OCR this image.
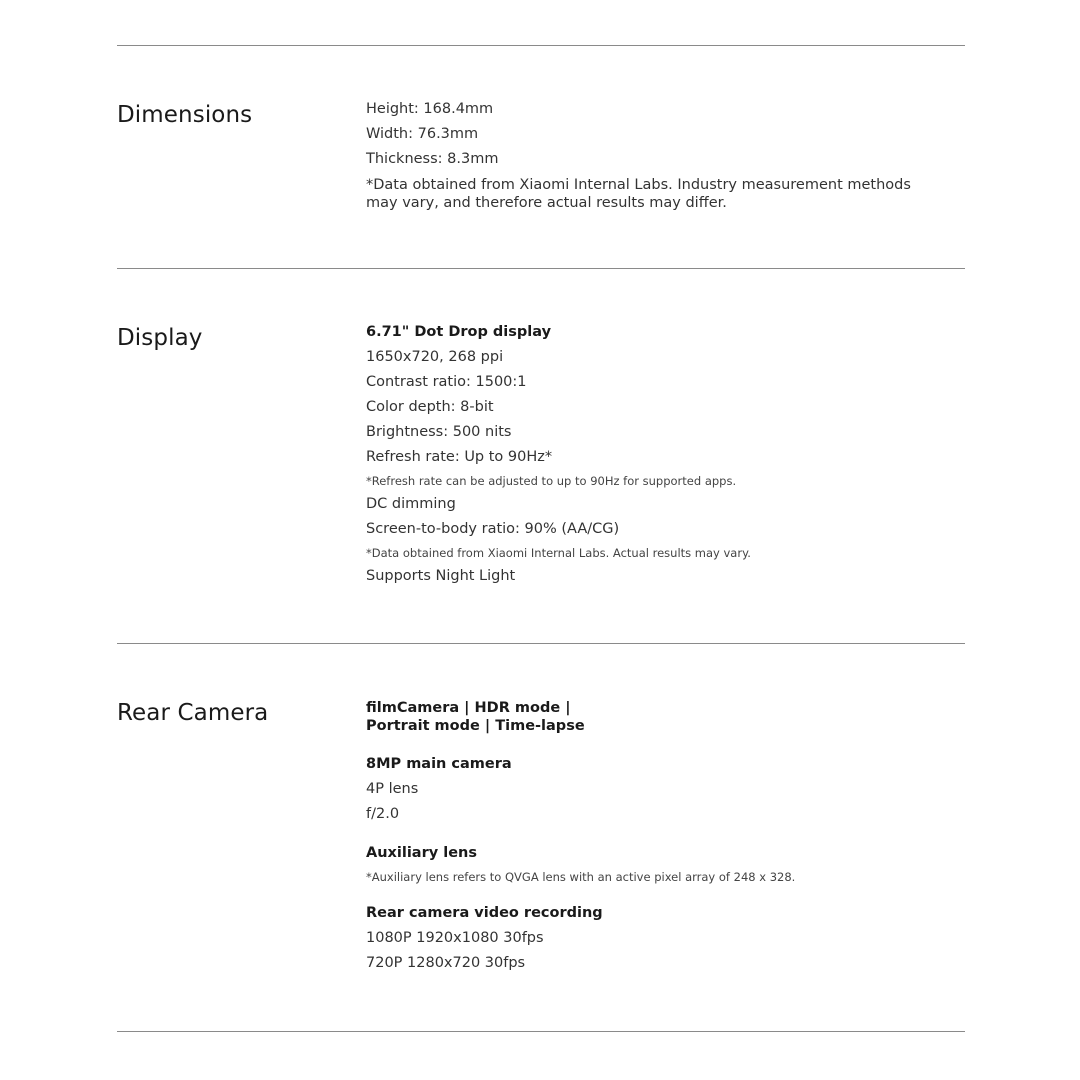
Dimensions	Height: 168.4mm
Width: 76.3mm
Thickness: 8.3mm
*Data obtained from Xiaomi Internal Labs. Industry measurement methods may vary, and therefore actual results may differ.
Display	6.71" Dot Drop display
1650x720, 268 ppi
Contrast ratio: 1500:1
Color depth: 8-bit
Brightness: 500 nits
Refresh rate: Up to 90Hz*
*Refresh rate can be adjusted to up to 90Hz for supported apps.
DC dimming
Screen-to-body ratio: 90% (AA/CG)
*Data obtained from Xiaomi Internal Labs. Actual results may vary.
Supports Night Light
Rear Camera	filmCamera | HDR mode |
Portrait mode | Time-lapse
8MP main camera
4P lens
f/2.0
Auxiliary lens
*Auxiliary lens refers to QVGA lens with an active pixel array of 248 x 328.
Rear camera video recording
1080P 1920x1080 30fps
720P 1280x720 30fps
